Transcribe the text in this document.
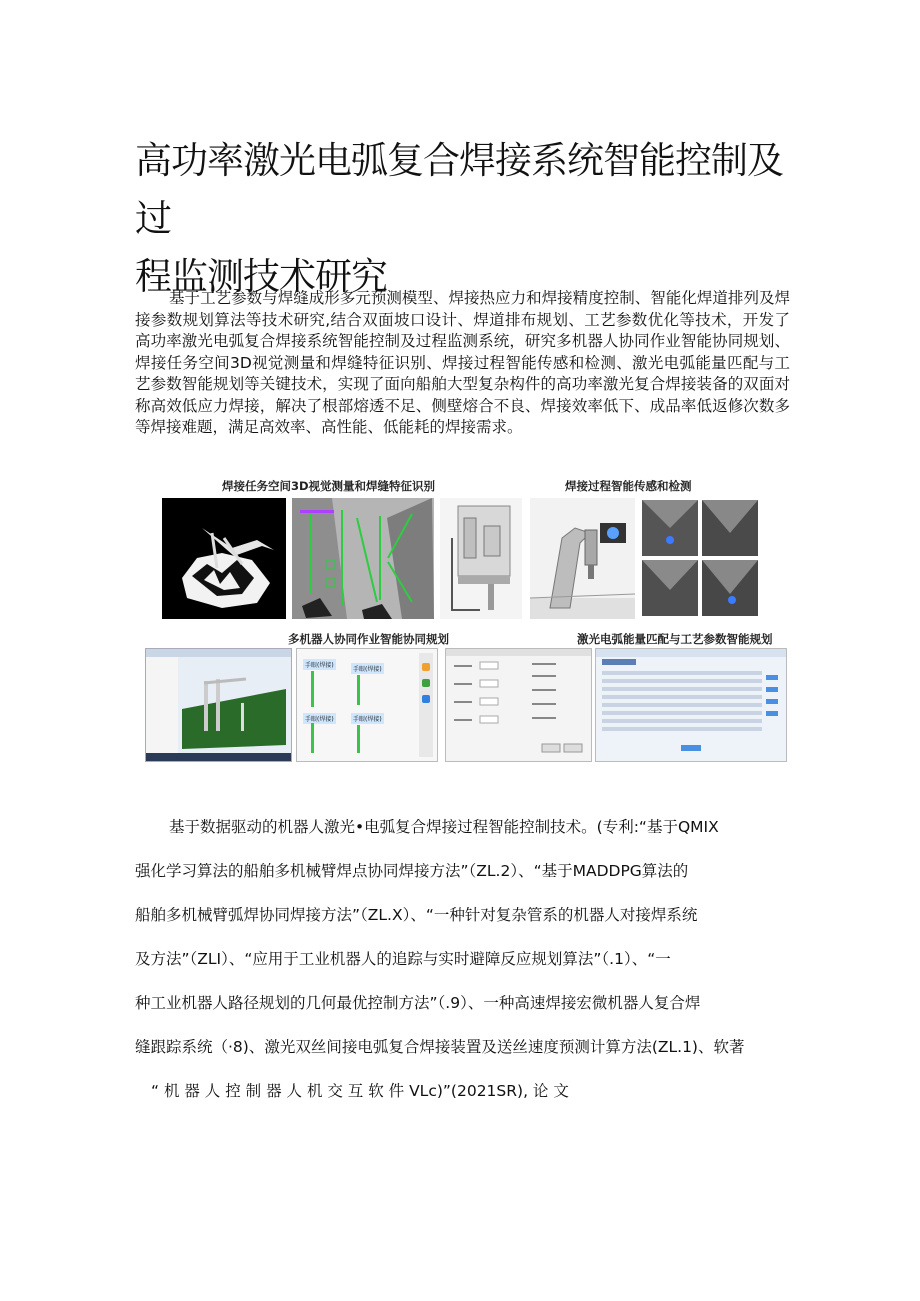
高功率激光电弧复合焊接系统智能控制及过
程监测技术研究

基于工艺参数与焊缝成形多元预测模型、焊接热应力和焊接精度控制、智能化焊道排列及焊接参数规划算法等技术研究,结合双面坡口设计、焊道排布规划、工艺参数优化等技术，开发了高功率激光电弧复合焊接系统智能控制及过程监测系统，研究多机器人协同作业智能协同规划、焊接任务空间3D视觉测量和焊缝特征识别、焊接过程智能传感和检测、激光电弧能量匹配与工艺参数智能规划等关键技术，实现了面向船舶大型复杂构件的高功率激光复合焊接装备的双面对称高效低应力焊接，解决了根部熔透不足、侧壁熔合不良、焊接效率低下、成品率低返修次数多等焊接难题，满足高效率、高性能、低能耗的焊接需求。

焊接任务空间3D视觉测量和焊缝特征识别	焊接过程智能传感和检测
多机器人协同作业智能协同规划	激光电弧能量匹配与工艺参数智能规划
手眼(焊接)
手眼(焊接)
手眼(焊接)
手眼(焊接)
基于数据驱动的机器人激光•电弧复合焊接过程智能控制技术。(专利:“基于QMIX
强化学习算法的船舶多机械臂焊点协同焊接方法”（ZL.2）、“基于MADDPG算法的
船舶多机械臂弧焊协同焊接方法”（ZL.X）、“一种针对复杂管系的机器人对接焊系统
及方法”（ZLI）、“应用于工业机器人的追踪与实时避障反应规划算法”（.1）、“一
种工业机器人路径规划的几何最优控制方法”（.9）、一种高速焊接宏微机器人复合焊
缝跟踪系统（·8)、激光双丝间接电弧复合焊接装置及送丝速度预测计算方法(ZL.1)、软著
“ 机 器 人 控 制 器 人 机 交 互 软 件 VLc)”(2021SR), 论 文
